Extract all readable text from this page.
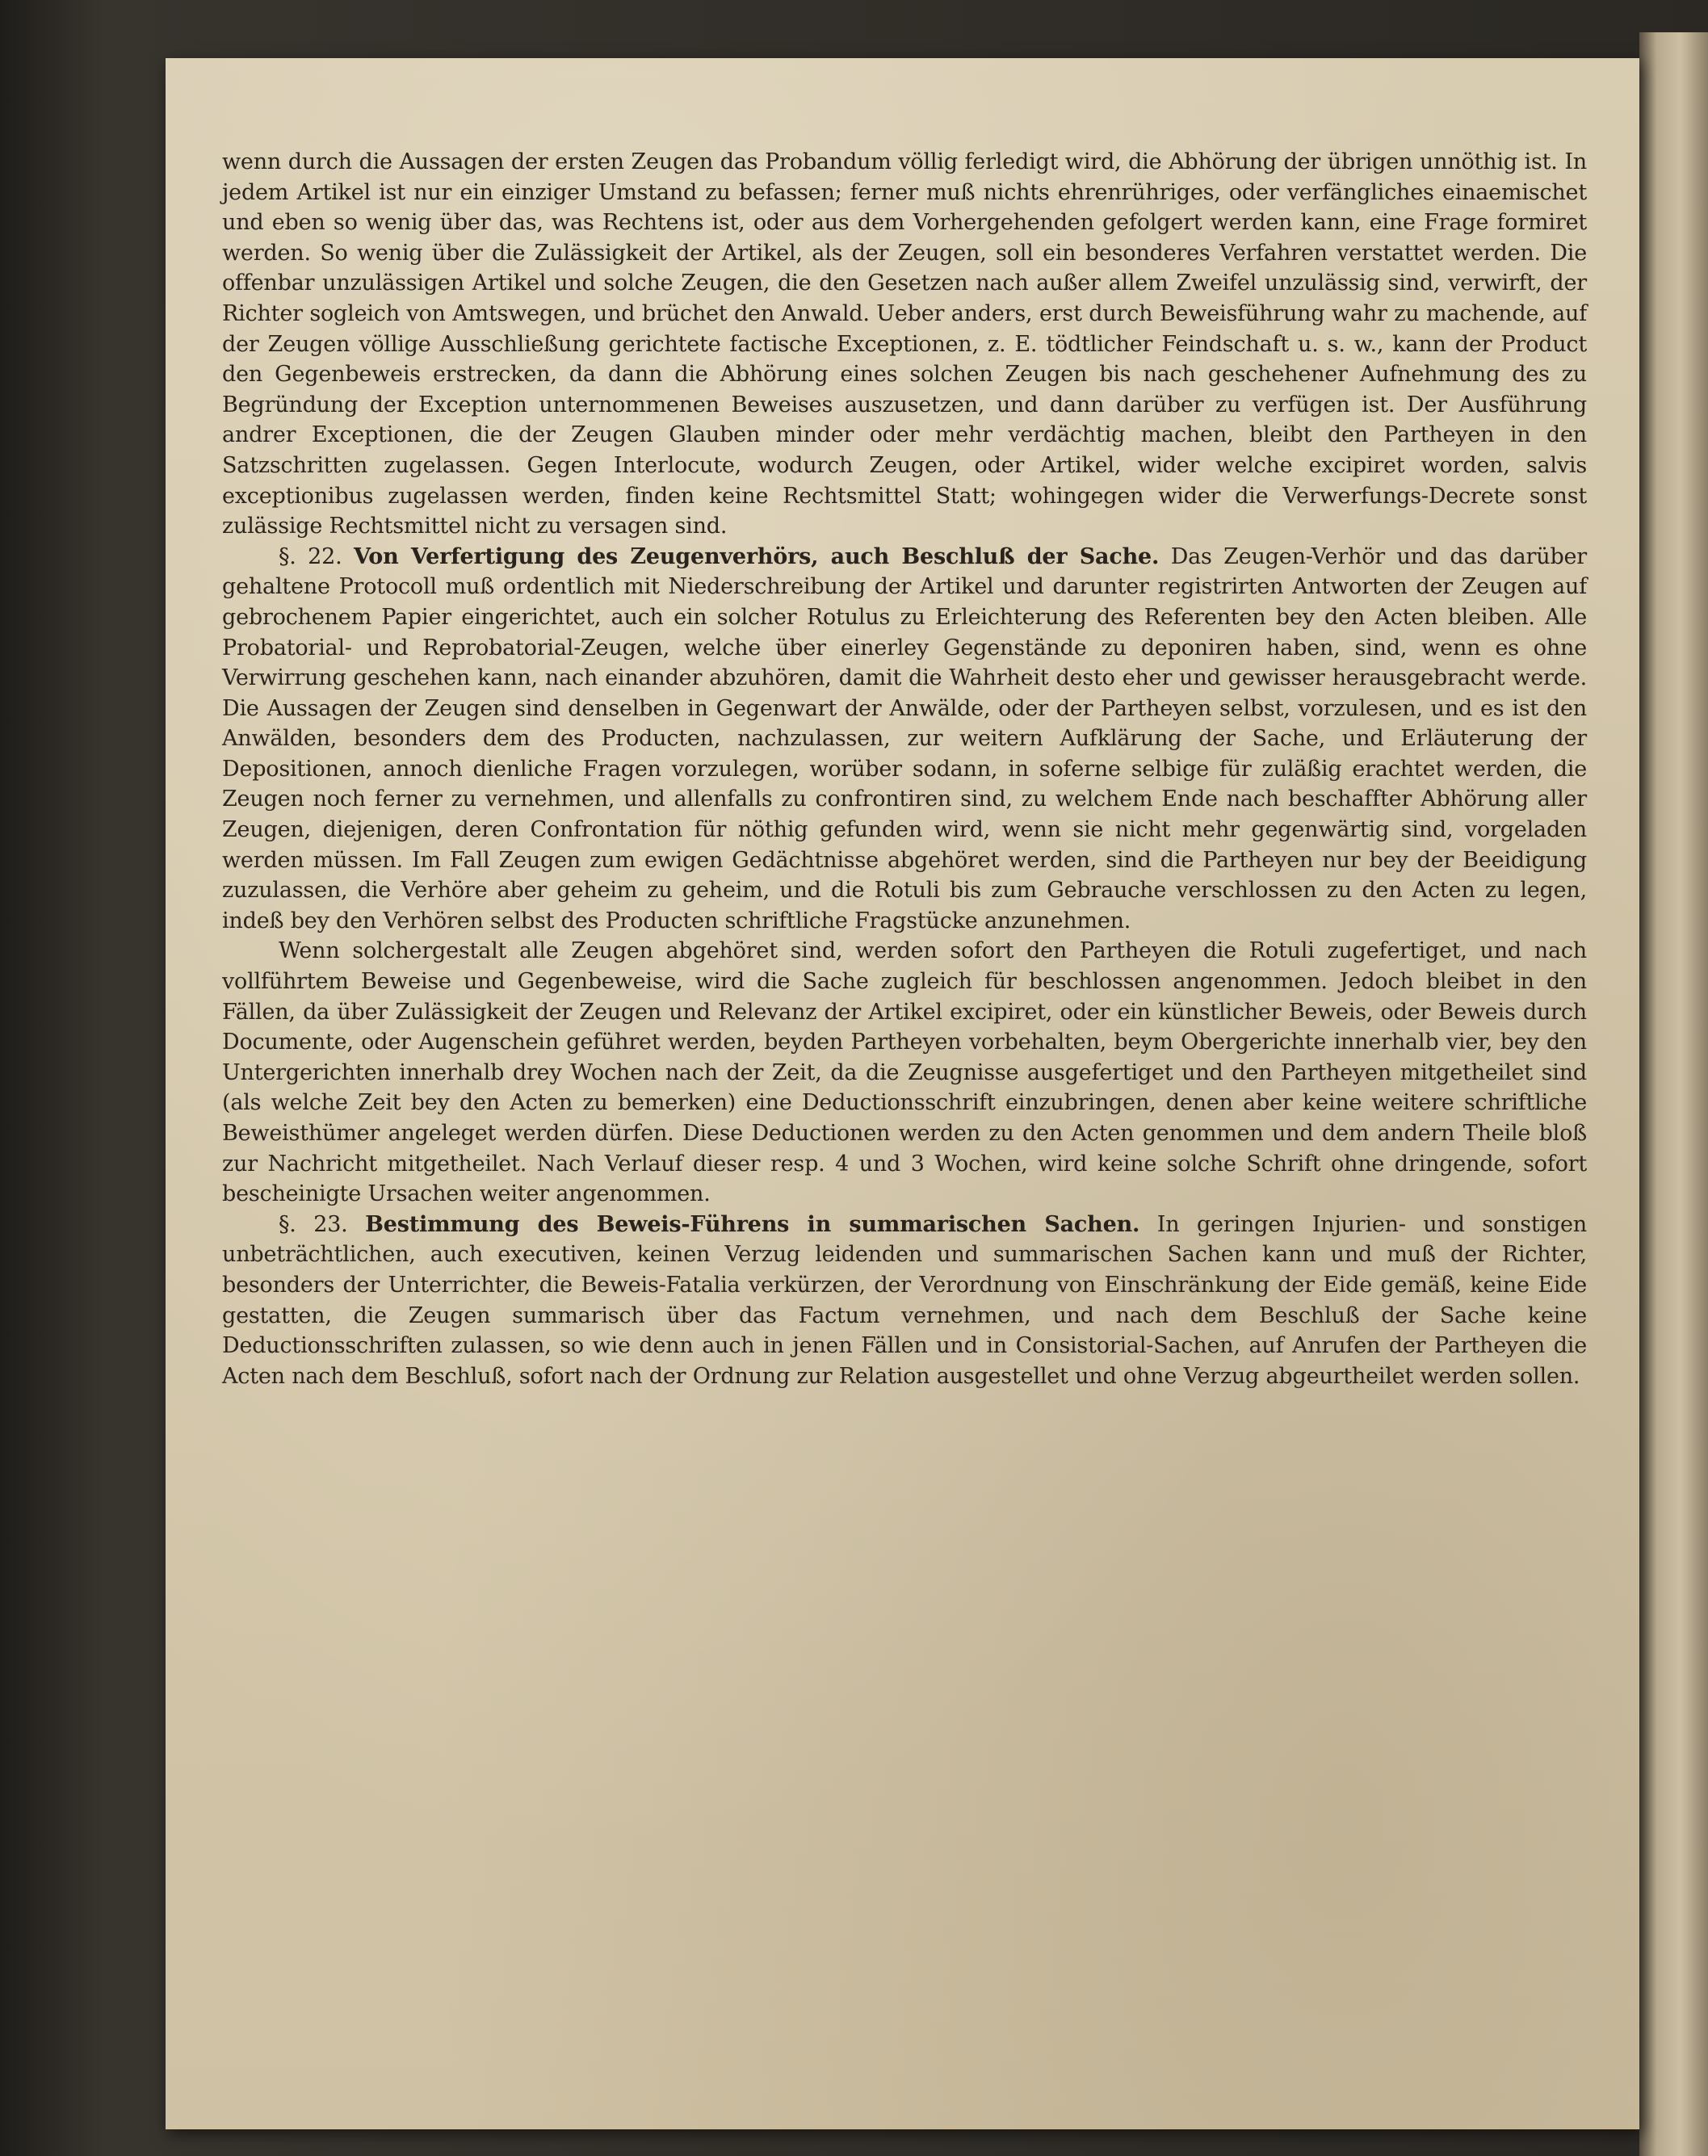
wenn durch die Aussagen der ersten Zeugen das Probandum völlig ferledigt wird, die Abhörung der übrigen unnöthig ist. In jedem Artikel ist nur ein einziger Umstand zu befassen; ferner muß nichts ehrenrühriges, oder verfängliches einaemischet und eben so wenig über das, was Rechtens ist, oder aus dem Vorhergehenden gefolgert werden kann, eine Frage formiret werden. So wenig über die Zulässigkeit der Artikel, als der Zeugen, soll ein besonderes Verfahren verstattet werden. Die offenbar unzulässigen Artikel und solche Zeugen, die den Gesetzen nach außer allem Zweifel unzulässig sind, verwirft, der Richter sogleich von Amtswegen, und brüchet den Anwald. Ueber anders, erst durch Beweisführung wahr zu machende, auf der Zeugen völlige Ausschließung gerichtete factische Exceptionen, z. E. tödtlicher Feindschaft u. s. w., kann der Product den Gegenbeweis erstrecken, da dann die Abhörung eines solchen Zeugen bis nach geschehener Aufnehmung des zu Begründung der Exception unternommenen Beweises auszusetzen, und dann darüber zu verfügen ist. Der Ausführung andrer Exceptionen, die der Zeugen Glauben minder oder mehr verdächtig machen, bleibt den Partheyen in den Satzschritten zugelassen. Gegen Interlocute, wodurch Zeugen, oder Artikel, wider welche excipiret worden, salvis exceptionibus zugelassen werden, finden keine Rechtsmittel Statt; wohingegen wider die Verwerfungs-Decrete sonst zulässige Rechtsmittel nicht zu versagen sind.

§. 22. Von Verfertigung des Zeugenverhörs, auch Beschluß der Sache. Das Zeugen-Verhör und das darüber gehaltene Protocoll muß ordentlich mit Niederschreibung der Artikel und darunter registrirten Antworten der Zeugen auf gebrochenem Papier eingerichtet, auch ein solcher Rotulus zu Erleichterung des Referenten bey den Acten bleiben. Alle Probatorial- und Reprobatorial-Zeugen, welche über einerley Gegenstände zu deponiren haben, sind, wenn es ohne Verwirrung geschehen kann, nach einander abzuhören, damit die Wahrheit desto eher und gewisser herausgebracht werde. Die Aussagen der Zeugen sind denselben in Gegenwart der Anwälde, oder der Partheyen selbst, vorzulesen, und es ist den Anwälden, besonders dem des Producten, nachzulassen, zur weitern Aufklärung der Sache, und Erläuterung der Depositionen, annoch dienliche Fragen vorzulegen, worüber sodann, in soferne selbige für zuläßig erachtet werden, die Zeugen noch ferner zu vernehmen, und allenfalls zu confrontiren sind, zu welchem Ende nach beschaffter Abhörung aller Zeugen, diejenigen, deren Confrontation für nöthig gefunden wird, wenn sie nicht mehr gegenwärtig sind, vorgeladen werden müssen. Im Fall Zeugen zum ewigen Gedächtnisse abgehöret werden, sind die Partheyen nur bey der Beeidigung zuzulassen, die Verhöre aber geheim zu geheim, und die Rotuli bis zum Gebrauche verschlossen zu den Acten zu legen, indeß bey den Verhören selbst des Producten schriftliche Fragstücke anzunehmen.

Wenn solchergestalt alle Zeugen abgehöret sind, werden sofort den Partheyen die Rotuli zugefertiget, und nach vollführtem Beweise und Gegenbeweise, wird die Sache zugleich für beschlossen angenommen. Jedoch bleibet in den Fällen, da über Zulässigkeit der Zeugen und Relevanz der Artikel excipiret, oder ein künstlicher Beweis, oder Beweis durch Documente, oder Augenschein geführet werden, beyden Partheyen vorbehalten, beym Obergerichte innerhalb vier, bey den Untergerichten innerhalb drey Wochen nach der Zeit, da die Zeugnisse ausgefertiget und den Partheyen mitgetheilet sind (als welche Zeit bey den Acten zu bemerken) eine Deductionsschrift einzubringen, denen aber keine weitere schriftliche Beweisthümer angeleget werden dürfen. Diese Deductionen werden zu den Acten genommen und dem andern Theile bloß zur Nachricht mitgetheilet. Nach Verlauf dieser resp. 4 und 3 Wochen, wird keine solche Schrift ohne dringende, sofort bescheinigte Ursachen weiter angenommen.

§. 23. Bestimmung des Beweis-Führens in summarischen Sachen. In geringen Injurien- und sonstigen unbeträchtlichen, auch executiven, keinen Verzug leidenden und summarischen Sachen kann und muß der Richter, besonders der Unterrichter, die Beweis-Fatalia verkürzen, der Verordnung von Einschränkung der Eide gemäß, keine Eide gestatten, die Zeugen summarisch über das Factum vernehmen, und nach dem Beschluß der Sache keine Deductionsschriften zulassen, so wie denn auch in jenen Fällen und in Consistorial-Sachen, auf Anrufen der Partheyen die Acten nach dem Beschluß, sofort nach der Ordnung zur Relation ausgestellet und ohne Verzug abgeurtheilet werden sollen.
